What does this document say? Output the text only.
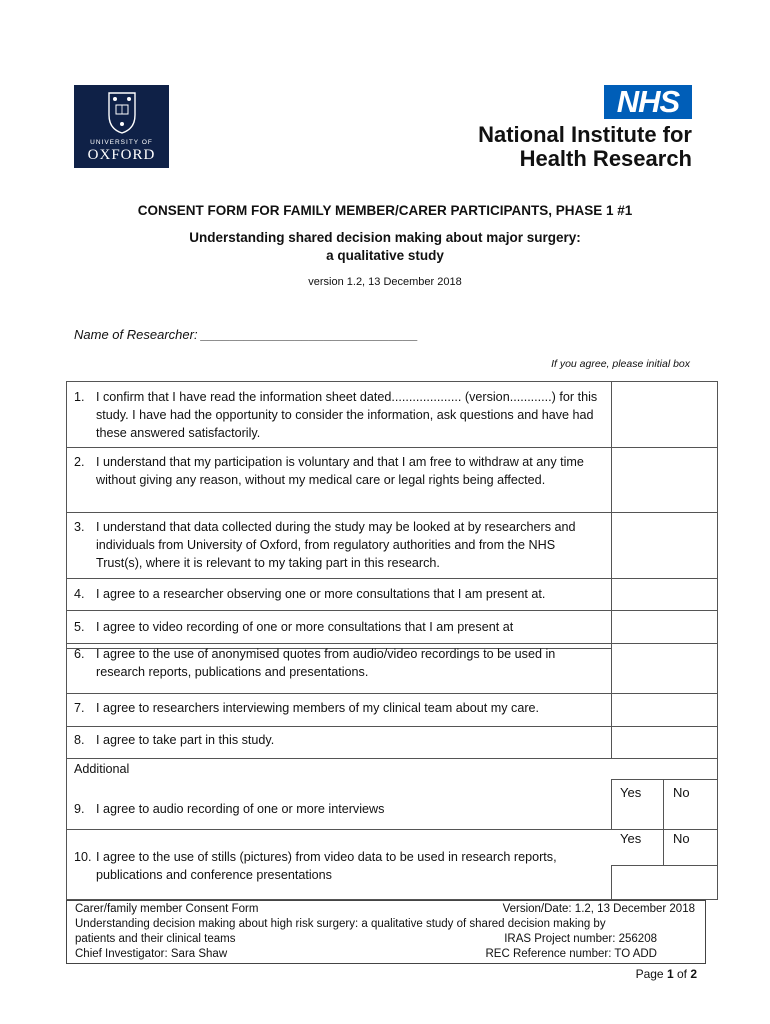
UNIVERSITY OF
OXFORD
NHS
National Institute for
Health Research
CONSENT FORM FOR FAMILY MEMBER/CARER PARTICIPANTS, PHASE 1 #1
Understanding shared decision making about major surgery:
a qualitative study
version 1.2, 13 December 2018
Name of Researcher: ______________________________
If you agree, please initial box
1. I confirm that I have read the information sheet dated.................... (version............) for this study. I have had the opportunity to consider the information, ask questions and have had these answered satisfactorily.
2. I understand that my participation is voluntary and that I am free to withdraw at any time without giving any reason, without my medical care or legal rights being affected.
3. I understand that data collected during the study may be looked at by researchers and individuals from University of Oxford, from regulatory authorities and from the NHS Trust(s), where it is relevant to my taking part in this research.
4. I agree to a researcher observing one or more consultations that I am present at.
5. I agree to video recording of one or more consultations that I am present at
6. I agree to the use of anonymised quotes from audio/video recordings to be used in research reports, publications and presentations.
7. I agree to researchers interviewing members of my clinical team about my care.
8. I agree to take part in this study.
Additional
9. I agree to audio recording of one or more interviews
Yes No
10. I agree to the use of stills (pictures) from video data to be used in research reports, publications and conference presentations
Yes No
Carer/family member Consent Form	Version/Date: 1.2, 13 December 2018
Understanding decision making about high risk surgery: a qualitative study of shared decision making by
patients and their clinical teams	IRAS Project number: 256208
Chief Investigator: Sara Shaw	REC Reference number: TO ADD
Page 1 of 2
